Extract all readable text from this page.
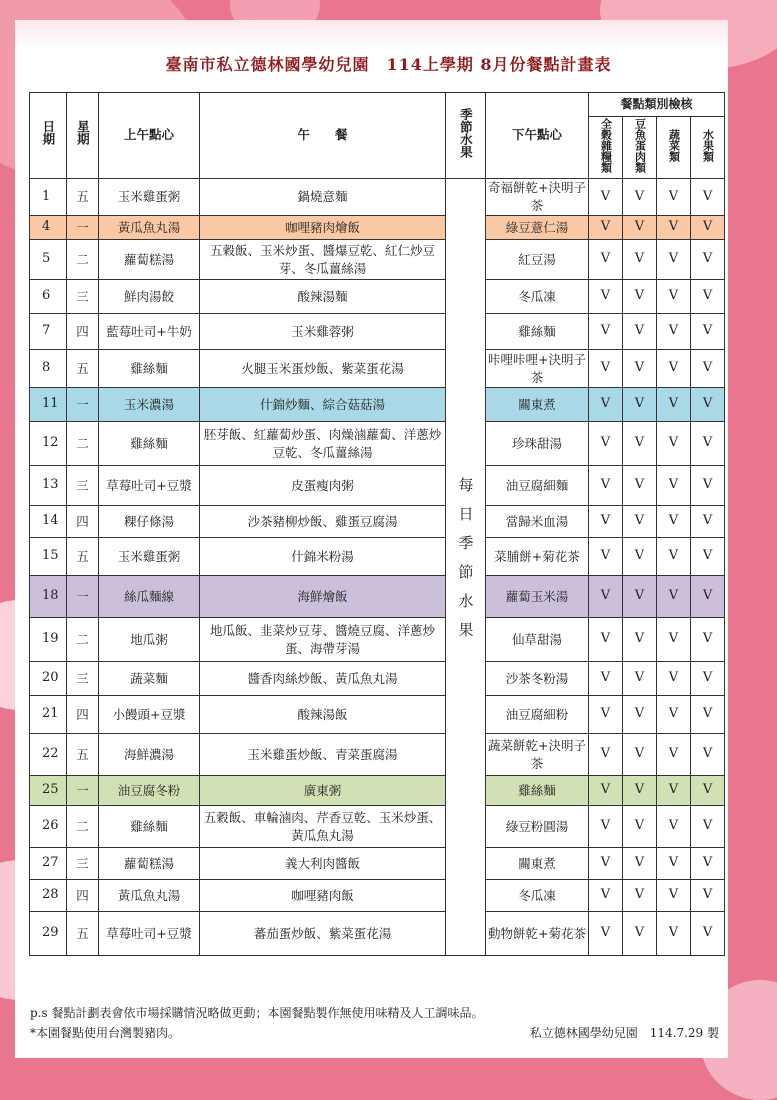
臺南市私立德林國學幼兒園　114上學期 8月份餐點計畫表
日期	星期	上午點心	午　　餐	季節水果	下午點心	餐點類別檢核			
						全穀雜糧類	豆魚蛋肉類	蔬菜類	水果類
1	五	玉米雞蛋粥	鍋燒意麵	每日季節水果	奇福餅乾+決明子茶	V	V	V	V
4	一	黃瓜魚丸湯	咖哩豬肉燴飯		綠豆薏仁湯	V	V	V	V
5	二	蘿蔔糕湯	五穀飯、玉米炒蛋、醬爆豆乾、紅仁炒豆芽、冬瓜薑絲湯		紅豆湯	V	V	V	V
6	三	鮮肉湯餃	酸辣湯麵		冬瓜凍	V	V	V	V
7	四	藍莓吐司+牛奶	玉米雞蓉粥		雞絲麵	V	V	V	V
8	五	雞絲麵	火腿玉米蛋炒飯、紫菜蛋花湯		咔哩咔哩+決明子茶	V	V	V	V
11	一	玉米濃湯	什錦炒麵、綜合菇菇湯		關東煮	V	V	V	V
12	二	雞絲麵	胚芽飯、紅蘿蔔炒蛋、肉燥滷蘿蔔、洋蔥炒豆乾、冬瓜薑絲湯		珍珠甜湯	V	V	V	V
13	三	草莓吐司+豆漿	皮蛋瘦肉粥		油豆腐細麵	V	V	V	V
14	四	粿仔條湯	沙茶豬柳炒飯、雞蛋豆腐湯		當歸米血湯	V	V	V	V
15	五	玉米雞蛋粥	什錦米粉湯		菜脯餅+菊花茶	V	V	V	V
18	一	絲瓜麵線	海鮮燴飯		蘿蔔玉米湯	V	V	V	V
19	二	地瓜粥	地瓜飯、韭菜炒豆芽、醬燒豆腐、洋蔥炒蛋、海帶芽湯		仙草甜湯	V	V	V	V
20	三	蔬菜麵	醬香肉絲炒飯、黃瓜魚丸湯		沙茶冬粉湯	V	V	V	V
21	四	小饅頭+豆漿	酸辣湯飯		油豆腐細粉	V	V	V	V
22	五	海鮮濃湯	玉米雞蛋炒飯、青菜蛋腐湯		蔬菜餅乾+決明子茶	V	V	V	V
25	一	油豆腐冬粉	廣東粥		雞絲麵	V	V	V	V
26	二	雞絲麵	五穀飯、車輪滷肉、芹香豆乾、玉米炒蛋、黃瓜魚丸湯		綠豆粉圓湯	V	V	V	V
27	三	蘿蔔糕湯	義大利肉醬飯		關東煮	V	V	V	V
28	四	黃瓜魚丸湯	咖哩豬肉飯		冬瓜凍	V	V	V	V
29	五	草莓吐司+豆漿	蕃茄蛋炒飯、紫菜蛋花湯		動物餅乾+菊花茶	V	V	V	V
p.s 餐點計劃表會依市場採購情況略做更動；本園餐點製作無使用味精及人工調味品。
*本園餐點使用台灣製豬肉。	私立德林國學幼兒園　114.7.29 製
